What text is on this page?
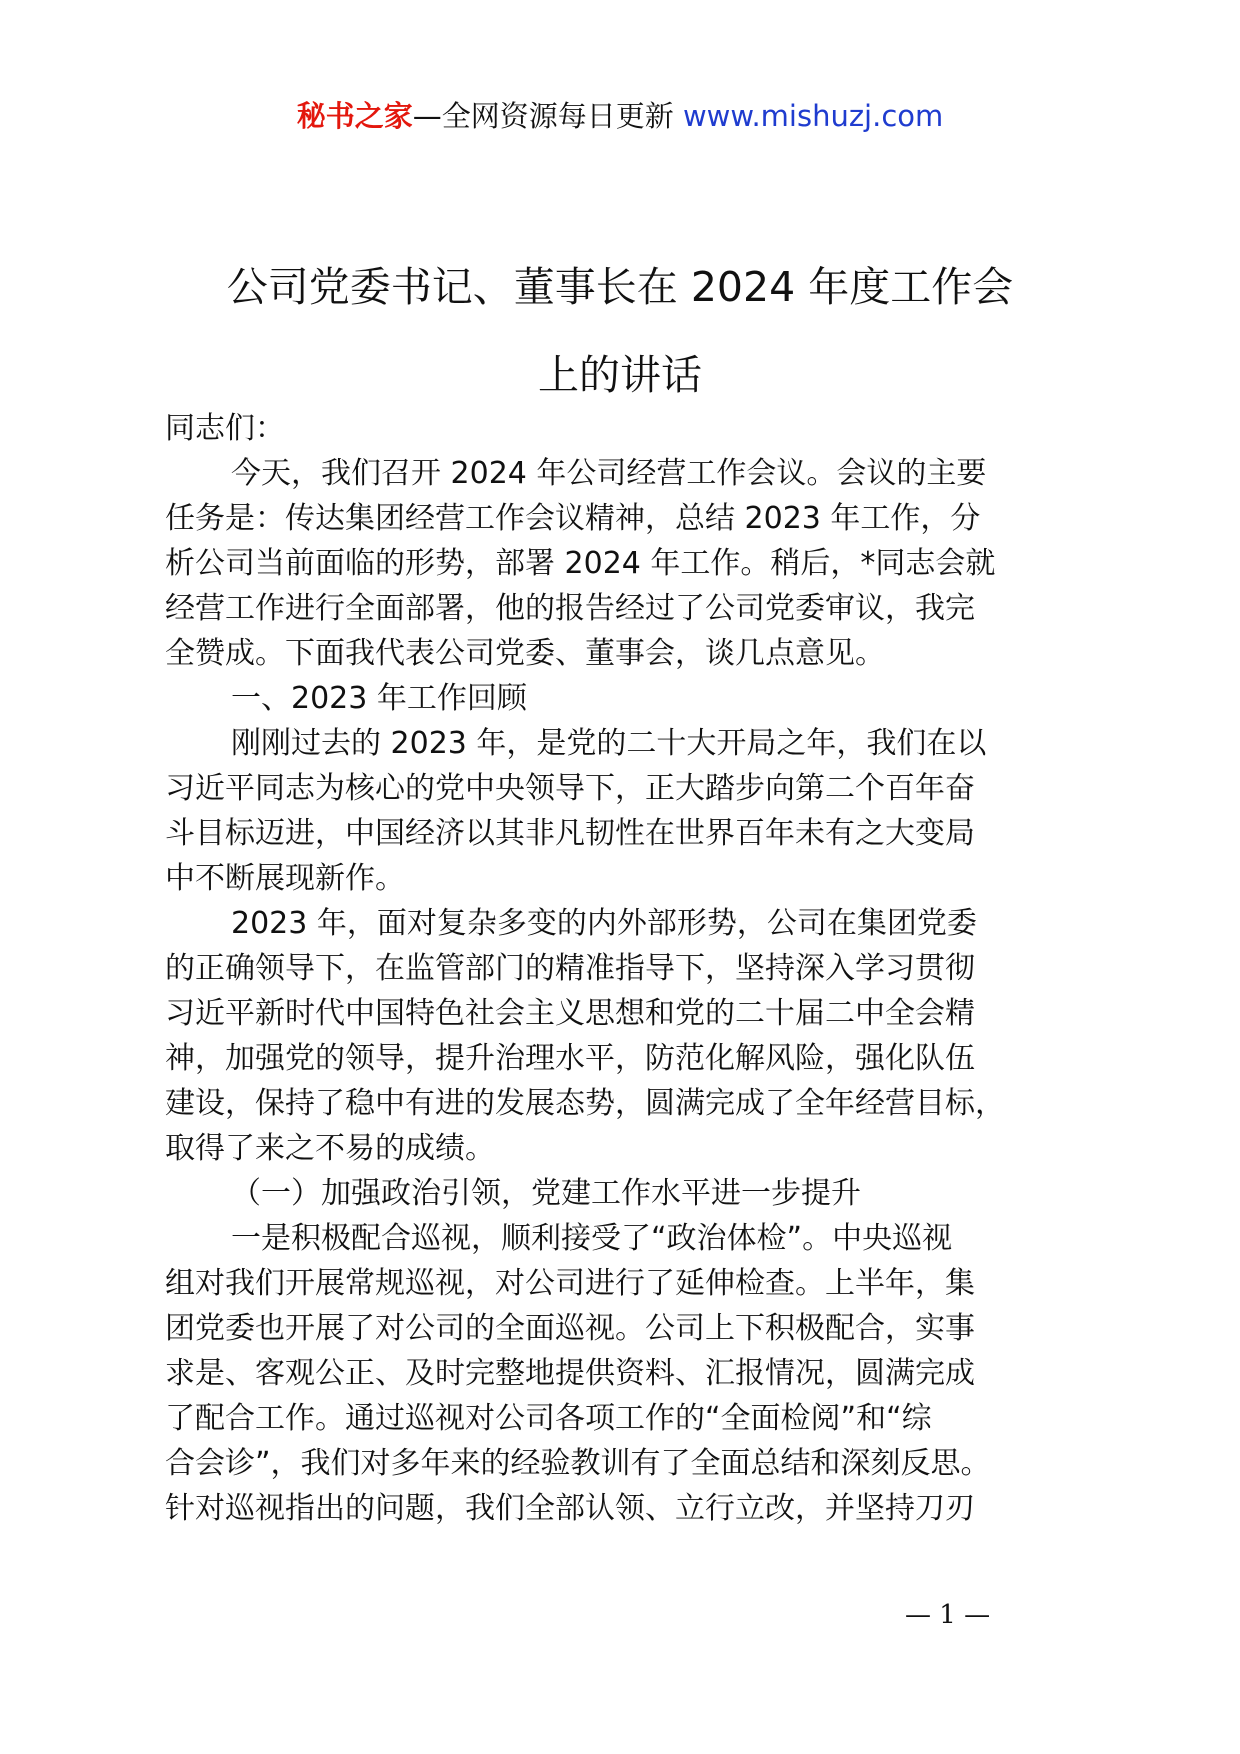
秘书之家—全网资源每日更新 www.mishuzj.com
公司党委书记、董事长在 2024 年度工作会
上的讲话
同志们：
今天，我们召开 2024 年公司经营工作会议。会议的主要
任务是：传达集团经营工作会议精神，总结 2023 年工作，分
析公司当前面临的形势，部署 2024 年工作。稍后，*同志会就
经营工作进行全面部署，他的报告经过了公司党委审议，我完
全赞成。下面我代表公司党委、董事会，谈几点意见。
一、2023 年工作回顾
刚刚过去的 2023 年，是党的二十大开局之年，我们在以
习近平同志为核心的党中央领导下，正大踏步向第二个百年奋
斗目标迈进，中国经济以其非凡韧性在世界百年未有之大变局
中不断展现新作。
2023 年，面对复杂多变的内外部形势，公司在集团党委
的正确领导下，在监管部门的精准指导下，坚持深入学习贯彻
习近平新时代中国特色社会主义思想和党的二十届二中全会精
神，加强党的领导，提升治理水平，防范化解风险，强化队伍
建设，保持了稳中有进的发展态势，圆满完成了全年经营目标，
取得了来之不易的成绩。
（一）加强政治引领，党建工作水平进一步提升
一是积极配合巡视，顺利接受了“政治体检”。中央巡视
组对我们开展常规巡视，对公司进行了延伸检查。上半年，集
团党委也开展了对公司的全面巡视。公司上下积极配合，实事
求是、客观公正、及时完整地提供资料、汇报情况，圆满完成
了配合工作。通过巡视对公司各项工作的“全面检阅”和“综
合会诊”，我们对多年来的经验教训有了全面总结和深刻反思。
针对巡视指出的问题，我们全部认领、立行立改，并坚持刀刃
— 1 —
